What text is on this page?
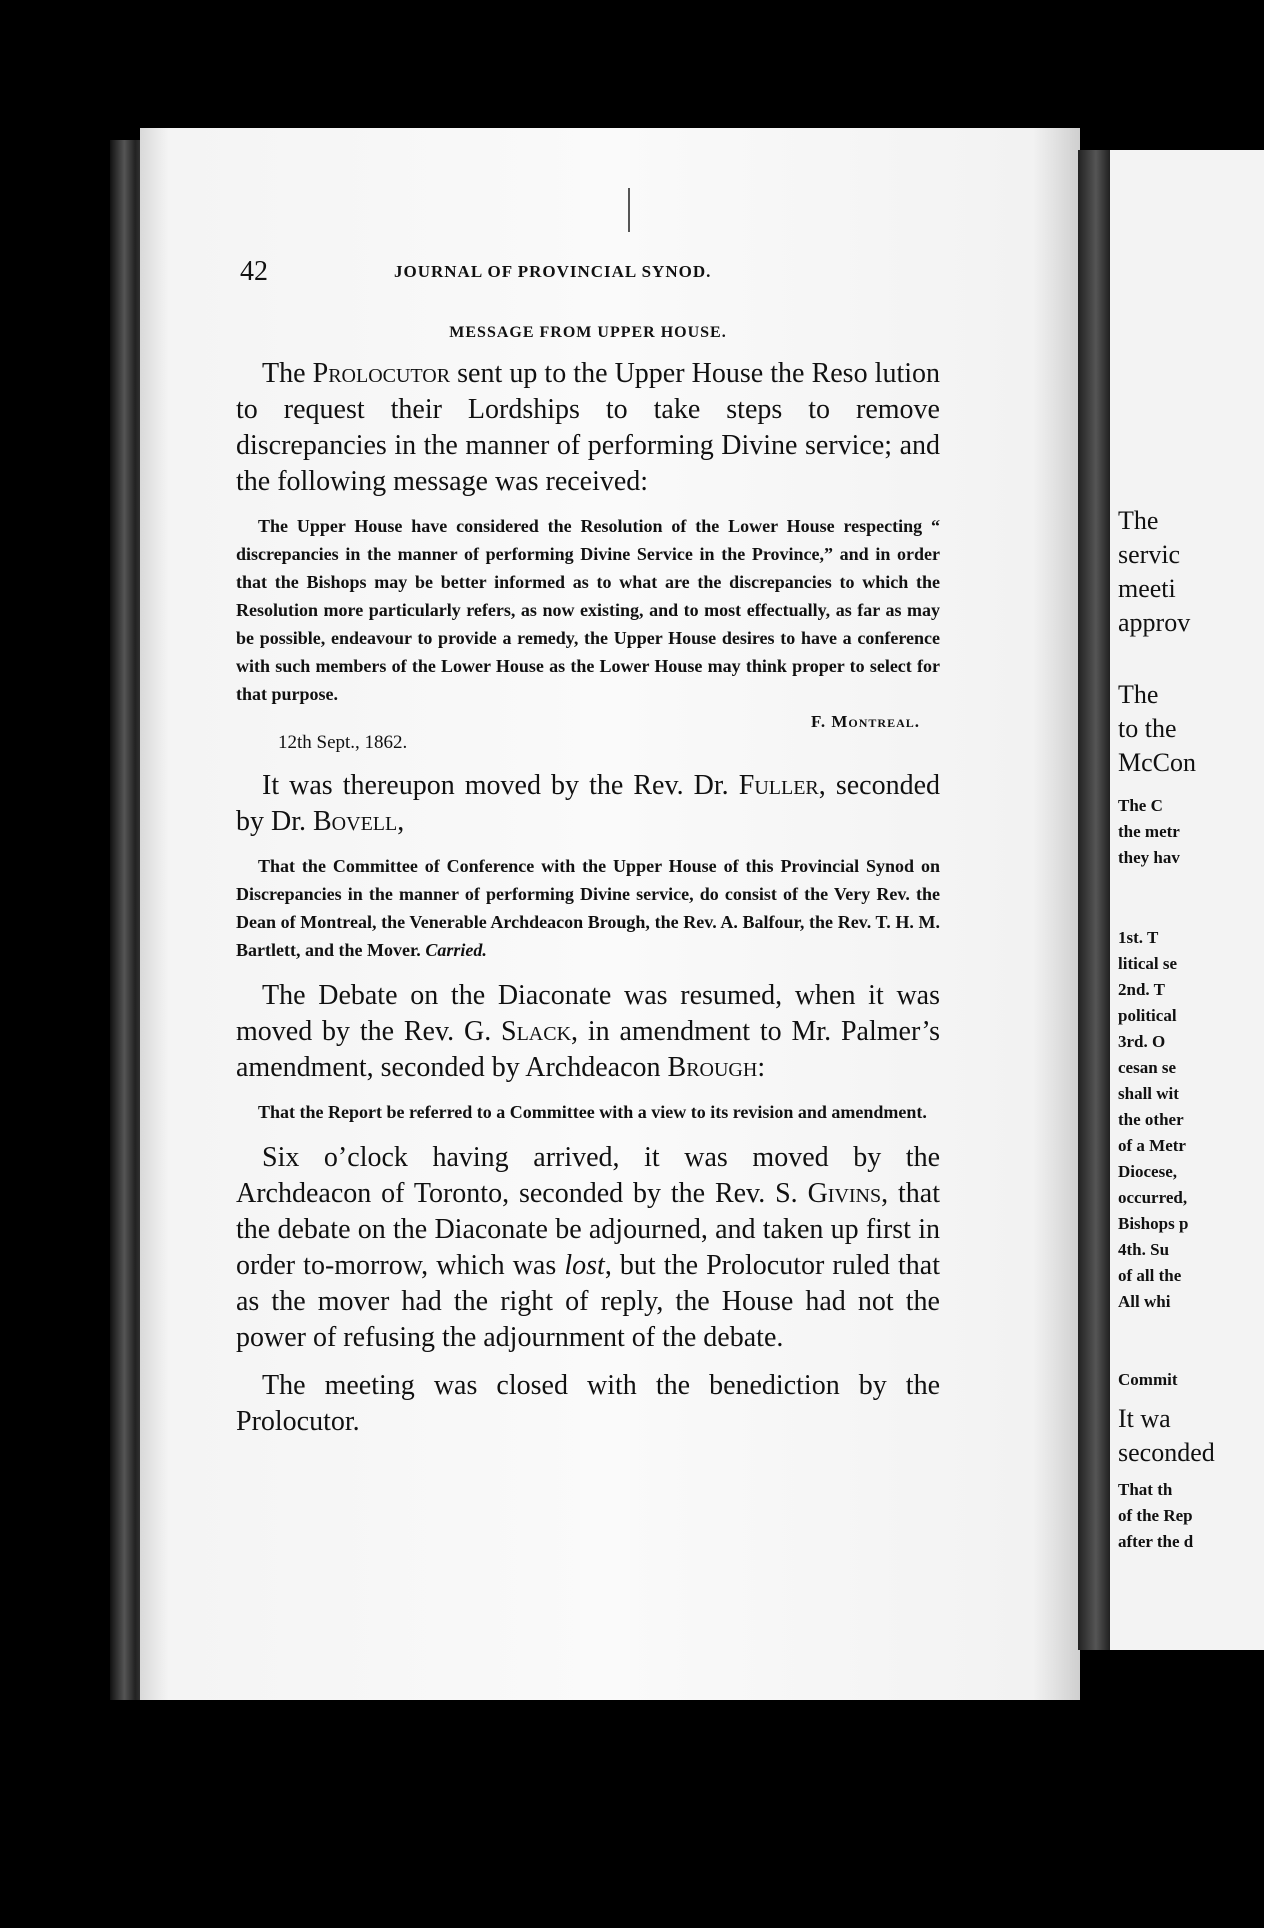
42	JOURNAL OF PROVINCIAL SYNOD.
MESSAGE FROM UPPER HOUSE.

The Prolocutor sent up to the Upper House the Reso lution to request their Lordships to take steps to remove discrepancies in the manner of performing Divine service; and the following message was received:

The Upper House have considered the Resolution of the Lower House respecting “ discrepancies in the manner of performing Divine Service in the Province,” and in order that the Bishops may be better informed as to what are the discrepancies to which the Resolution more particularly refers, as now existing, and to most effectually, as far as may be possible, endeavour to provide a remedy, the Upper House desires to have a conference with such members of the Lower House as the Lower House may think proper to select for that purpose.

F. Montreal.
12th Sept., 1862.

It was thereupon moved by the Rev. Dr. Fuller, seconded by Dr. Bovell,

That the Committee of Conference with the Upper House of this Provincial Synod on Discrepancies in the manner of performing Divine service, do consist of the Very Rev. the Dean of Montreal, the Venerable Archdeacon Brough, the Rev. A. Balfour, the Rev. T. H. M. Bartlett, and the Mover. Carried.

The Debate on the Diaconate was resumed, when it was moved by the Rev. G. Slack, in amendment to Mr. Palmer’s amendment, seconded by Archdeacon Brough:

That the Report be referred to a Committee with a view to its revision and amendment.

Six o’clock having arrived, it was moved by the Archdeacon of Toronto, seconded by the Rev. S. Givins, that the debate on the Diaconate be adjourned, and taken up first in order to-morrow, which was lost, but the Prolocutor ruled that as the mover had the right of reply, the House had not the power of refusing the adjournment of the debate.

The meeting was closed with the benediction by the Prolocutor.

The
servic
meeti
approv
The
to the
McCon
The C
the metr
they hav
1st. T
litical se
2nd. T
political
3rd. O
cesan se
shall wit
the other
of a Metr
Diocese,
occurred,
Bishops p
4th. Su
of all the
All whi
Commit
It wa
seconded
That th
of the Rep
after the d
